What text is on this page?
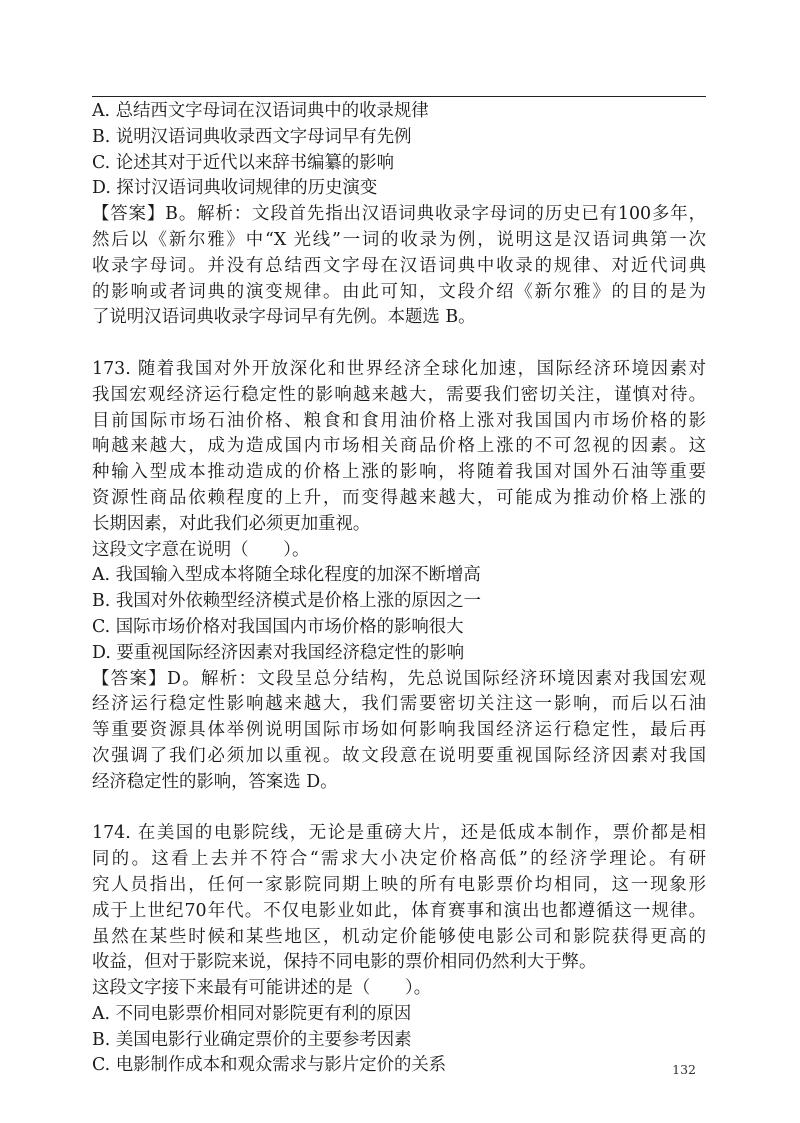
A. 总结西文字母词在汉语词典中的收录规律
B. 说明汉语词典收录西文字母词早有先例
C. 论述其对于近代以来辞书编纂的影响
D. 探讨汉语词典收词规律的历史演变
【答案】B。解析：文段首先指出汉语词典收录字母词的历史已有100多年，
然后以《新尔雅》中“X 光线”一词的收录为例，说明这是汉语词典第一次
收录字母词。并没有总结西文字母在汉语词典中收录的规律、对近代词典
的影响或者词典的演变规律。由此可知，文段介绍《新尔雅》的目的是为
了说明汉语词典收录字母词早有先例。本题选 B。
173. 随着我国对外开放深化和世界经济全球化加速，国际经济环境因素对
我国宏观经济运行稳定性的影响越来越大，需要我们密切关注，谨慎对待。
目前国际市场石油价格、粮食和食用油价格上涨对我国国内市场价格的影
响越来越大，成为造成国内市场相关商品价格上涨的不可忽视的因素。这
种输入型成本推动造成的价格上涨的影响，将随着我国对国外石油等重要
资源性商品依赖程度的上升，而变得越来越大，可能成为推动价格上涨的
长期因素，对此我们必须更加重视。
这段文字意在说明（　　）。
A. 我国输入型成本将随全球化程度的加深不断增高
B. 我国对外依赖型经济模式是价格上涨的原因之一
C. 国际市场价格对我国国内市场价格的影响很大
D. 要重视国际经济因素对我国经济稳定性的影响
【答案】D。解析：文段呈总分结构，先总说国际经济环境因素对我国宏观
经济运行稳定性影响越来越大，我们需要密切关注这一影响，而后以石油
等重要资源具体举例说明国际市场如何影响我国经济运行稳定性，最后再
次强调了我们必须加以重视。故文段意在说明要重视国际经济因素对我国
经济稳定性的影响，答案选 D。
174. 在美国的电影院线，无论是重磅大片，还是低成本制作，票价都是相
同的。这看上去并不符合“需求大小决定价格高低”的经济学理论。有研
究人员指出，任何一家影院同期上映的所有电影票价均相同，这一现象形
成于上世纪70年代。不仅电影业如此，体育赛事和演出也都遵循这一规律。
虽然在某些时候和某些地区，机动定价能够使电影公司和影院获得更高的
收益，但对于影院来说，保持不同电影的票价相同仍然利大于弊。
这段文字接下来最有可能讲述的是（　　）。
A. 不同电影票价相同对影院更有利的原因
B. 美国电影行业确定票价的主要参考因素
C. 电影制作成本和观众需求与影片定价的关系	132
